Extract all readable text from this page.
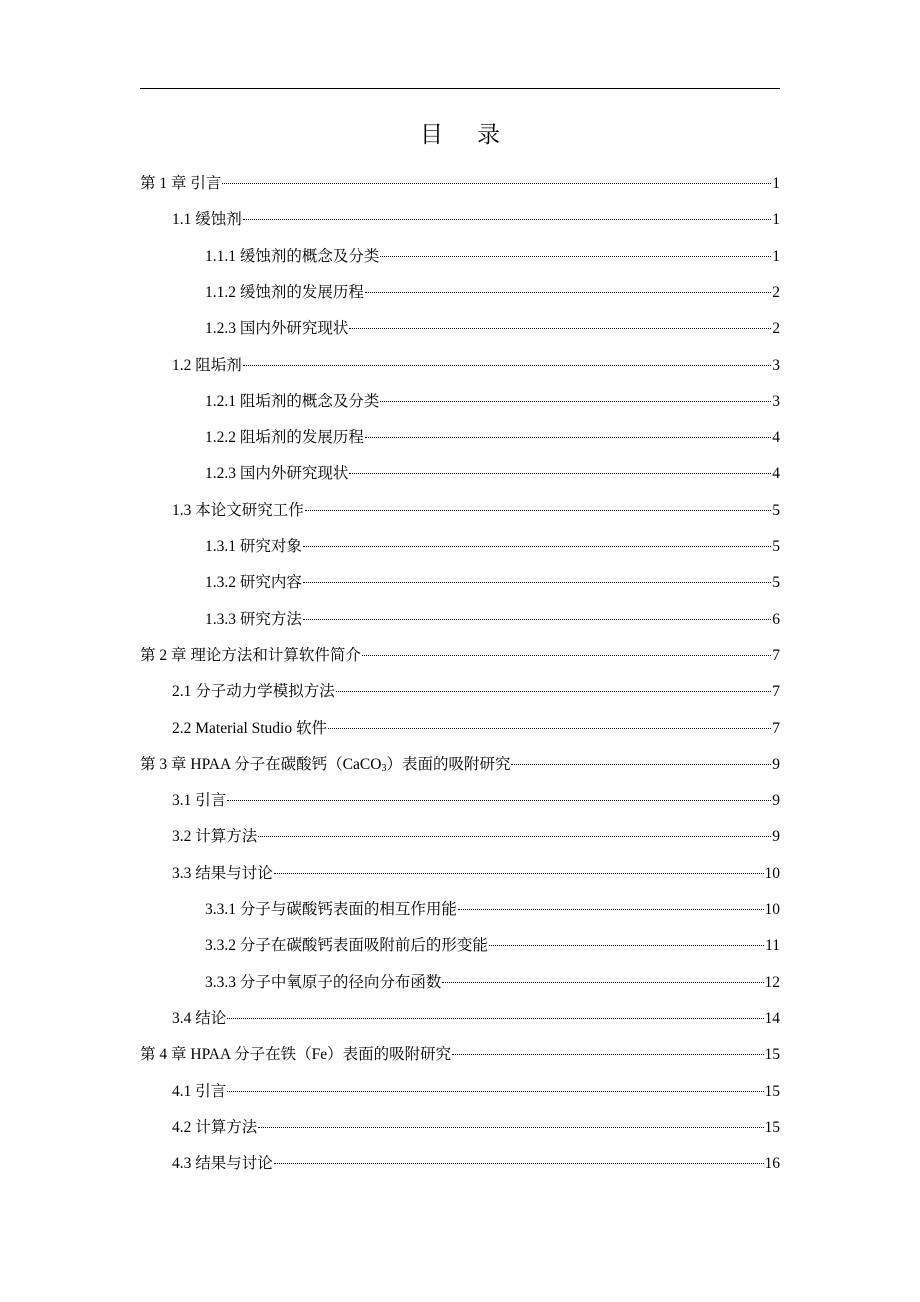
目 录
第 1 章 引言	1
1.1 缓蚀剂	1
1.1.1 缓蚀剂的概念及分类	1
1.1.2 缓蚀剂的发展历程	2
1.2.3 国内外研究现状	2
1.2 阻垢剂	3
1.2.1 阻垢剂的概念及分类	3
1.2.2 阻垢剂的发展历程	4
1.2.3 国内外研究现状	4
1.3 本论文研究工作	5
1.3.1 研究对象	5
1.3.2 研究内容	5
1.3.3 研究方法	6
第 2 章 理论方法和计算软件简介	7
2.1 分子动力学模拟方法	7
2.2 Material Studio 软件	7
第 3 章 HPAA 分子在碳酸钙（CaCO$_3$）表面的吸附研究	9
3.1 引言	9
3.2 计算方法	9
3.3 结果与讨论	10
3.3.1 分子与碳酸钙表面的相互作用能	10
3.3.2 分子在碳酸钙表面吸附前后的形变能	11
3.3.3 分子中氧原子的径向分布函数	12
3.4 结论	14
第 4 章 HPAA 分子在铁（Fe）表面的吸附研究	15
4.1 引言	15
4.2 计算方法	15
4.3 结果与讨论	16
